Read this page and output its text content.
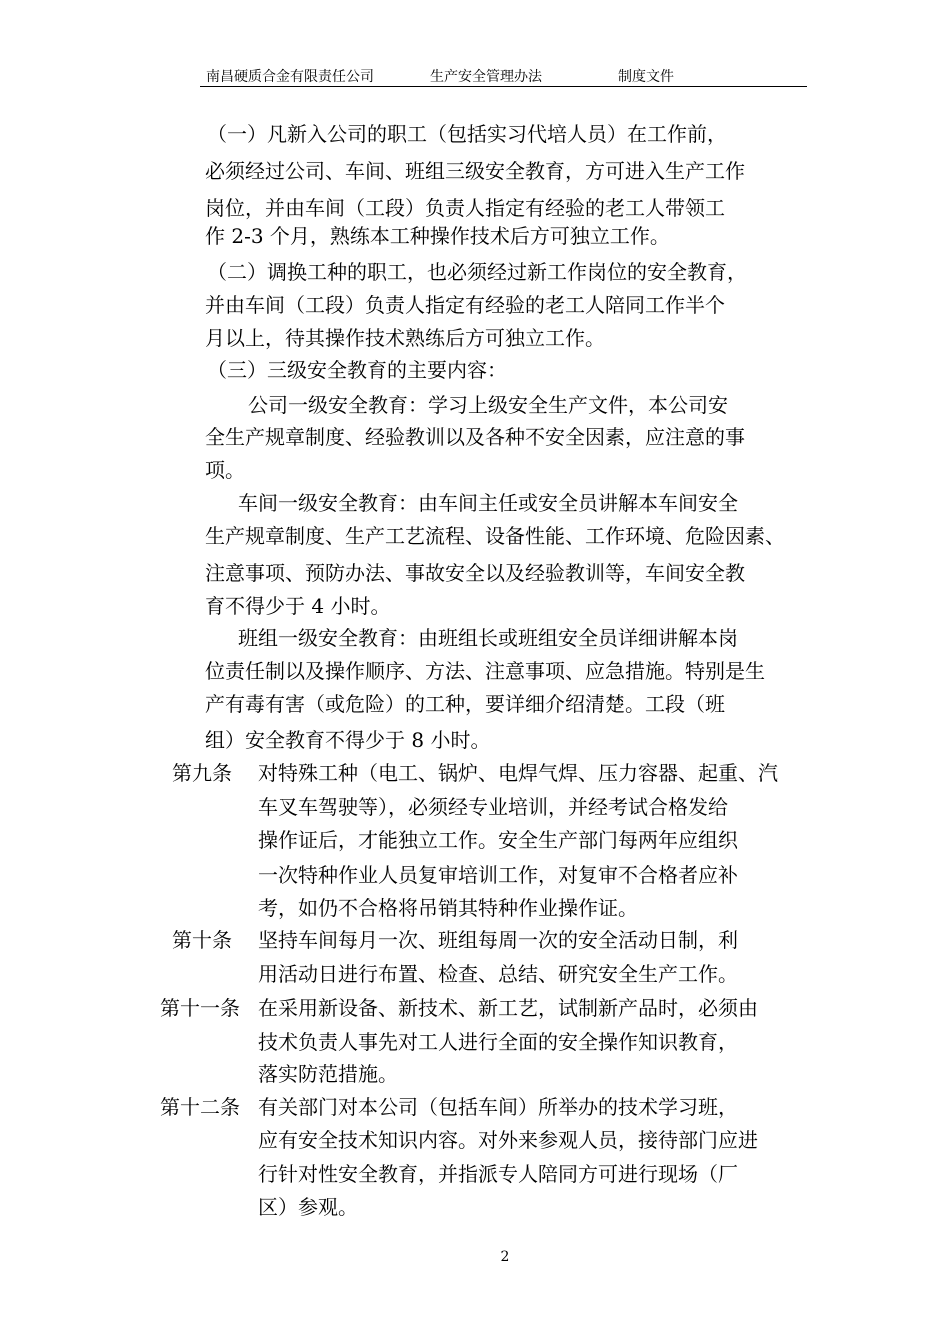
南昌硬质合金有限责任公司	生产安全管理办法	制度文件
（一）凡新入公司的职工（包括实习代培人员）在工作前，
必须经过公司、车间、班组三级安全教育，方可进入生产工作
岗位，并由车间（工段）负责人指定有经验的老工人带领工
作 2-3 个月，熟练本工种操作技术后方可独立工作。
（二）调换工种的职工，也必须经过新工作岗位的安全教育，
并由车间（工段）负责人指定有经验的老工人陪同工作半个
月以上，待其操作技术熟练后方可独立工作。
（三）三级安全教育的主要内容：
公司一级安全教育：学习上级安全生产文件，本公司安
全生产规章制度、经验教训以及各种不安全因素，应注意的事
项。
车间一级安全教育：由车间主任或安全员讲解本车间安全
生产规章制度、生产工艺流程、设备性能、工作环境、危险因素、
注意事项、预防办法、事故安全以及经验教训等，车间安全教
育不得少于 4 小时。
班组一级安全教育：由班组长或班组安全员详细讲解本岗
位责任制以及操作顺序、方法、注意事项、应急措施。特别是生
产有毒有害（或危险）的工种，要详细介绍清楚。工段（班
组）安全教育不得少于 8 小时。
第九条 对特殊工种（电工、锅炉、电焊气焊、压力容器、起重、汽
车叉车驾驶等），必须经专业培训，并经考试合格发给
操作证后，才能独立工作。安全生产部门每两年应组织
一次特种作业人员复审培训工作，对复审不合格者应补
考，如仍不合格将吊销其特种作业操作证。
第十条 坚持车间每月一次、班组每周一次的安全活动日制，利
用活动日进行布置、检查、总结、研究安全生产工作。
第十一条 在采用新设备、新技术、新工艺，试制新产品时，必须由
技术负责人事先对工人进行全面的安全操作知识教育，
落实防范措施。
第十二条 有关部门对本公司（包括车间）所举办的技术学习班，
应有安全技术知识内容。对外来参观人员，接待部门应进
行针对性安全教育，并指派专人陪同方可进行现场（厂
区）参观。
2
